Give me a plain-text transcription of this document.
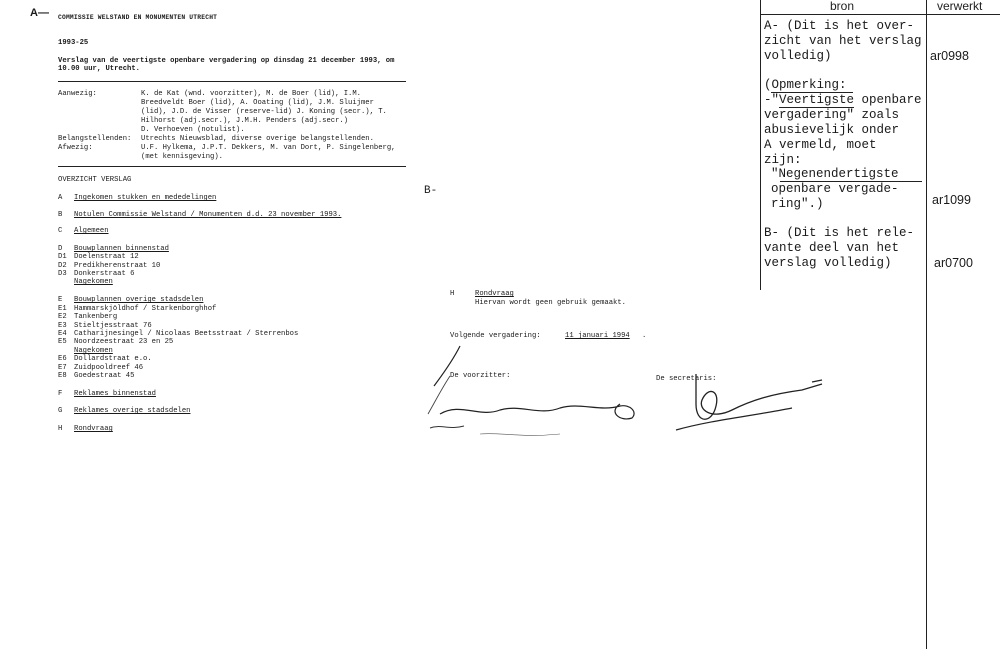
A— COMMISSIE WELSTAND EN MONUMENTEN UTRECHT
1993-25
Verslag van de veertigste openbare vergadering op dinsdag 21 december 1993, om
10.00 uur, Utrecht.
Aanwezig:	K. de Kat (wnd. voorzitter), M. de Boer (lid), I.M.
Breedveldt Boer (lid), A. Ooating (lid), J.M. Sluijmer
(lid), J.D. de Visser (reserve-lid) J. Koning (secr.), T.
Hilhorst (adj.secr.), J.M.H. Penders (adj.secr.)
D. Verhoeven (notulist).
Belangstellenden: Utrechts Nieuwsblad, diverse overige belangstellenden.
Afwezig:	U.F. Hylkema, J.P.T. Dekkers, M. van Dort, P. Singelenberg,
(met kennisgeving).
OVERZICHT VERSLAG
A Ingekomen stukken en mededelingen
B Notulen Commissie Welstand / Monumenten d.d. 23 november 1993.
C Algemeen
D Bouwplannen binnenstad
D1 Doelenstraat 12
D2 Predikherenstraat 10
D3 Donkerstraat 6
Nagekomen
E Bouwplannen overige stadsdelen
E1 Hammarskjöldhof / Starkenborghhof
E2 Tankenberg
E3 Stieltjesstraat 76
E4 Catharijnesingel / Nicolaas Beetsstraat / Sterrenbos
E5 Noordzeestraat 23 en 25
Nagekomen
E6 Dollardstraat e.o.
E7 Zuidpooldreef 46
E8 Goedestraat 45
F Reklames binnenstad
G Reklames overige stadsdelen
H Rondvraag
B-
H	Rondvraag
Hiervan wordt geen gebruik gemaakt.
Volgende vergadering:	11 januari 1994 .
De voorzitter:	De secretaris:
bron	verwerkt
A- (Dit is het over-
zicht van het verslag
volledig)	ar0998
(Opmerking:
-"Veertigste openbare
vergadering" zoals
abusievelijk onder
A vermeld, moet
zijn:
"Negenendertigste
openbare vergade-
ring".)	ar1099
B- (Dit is het rele-
vante deel van het
verslag volledig)	ar0700
